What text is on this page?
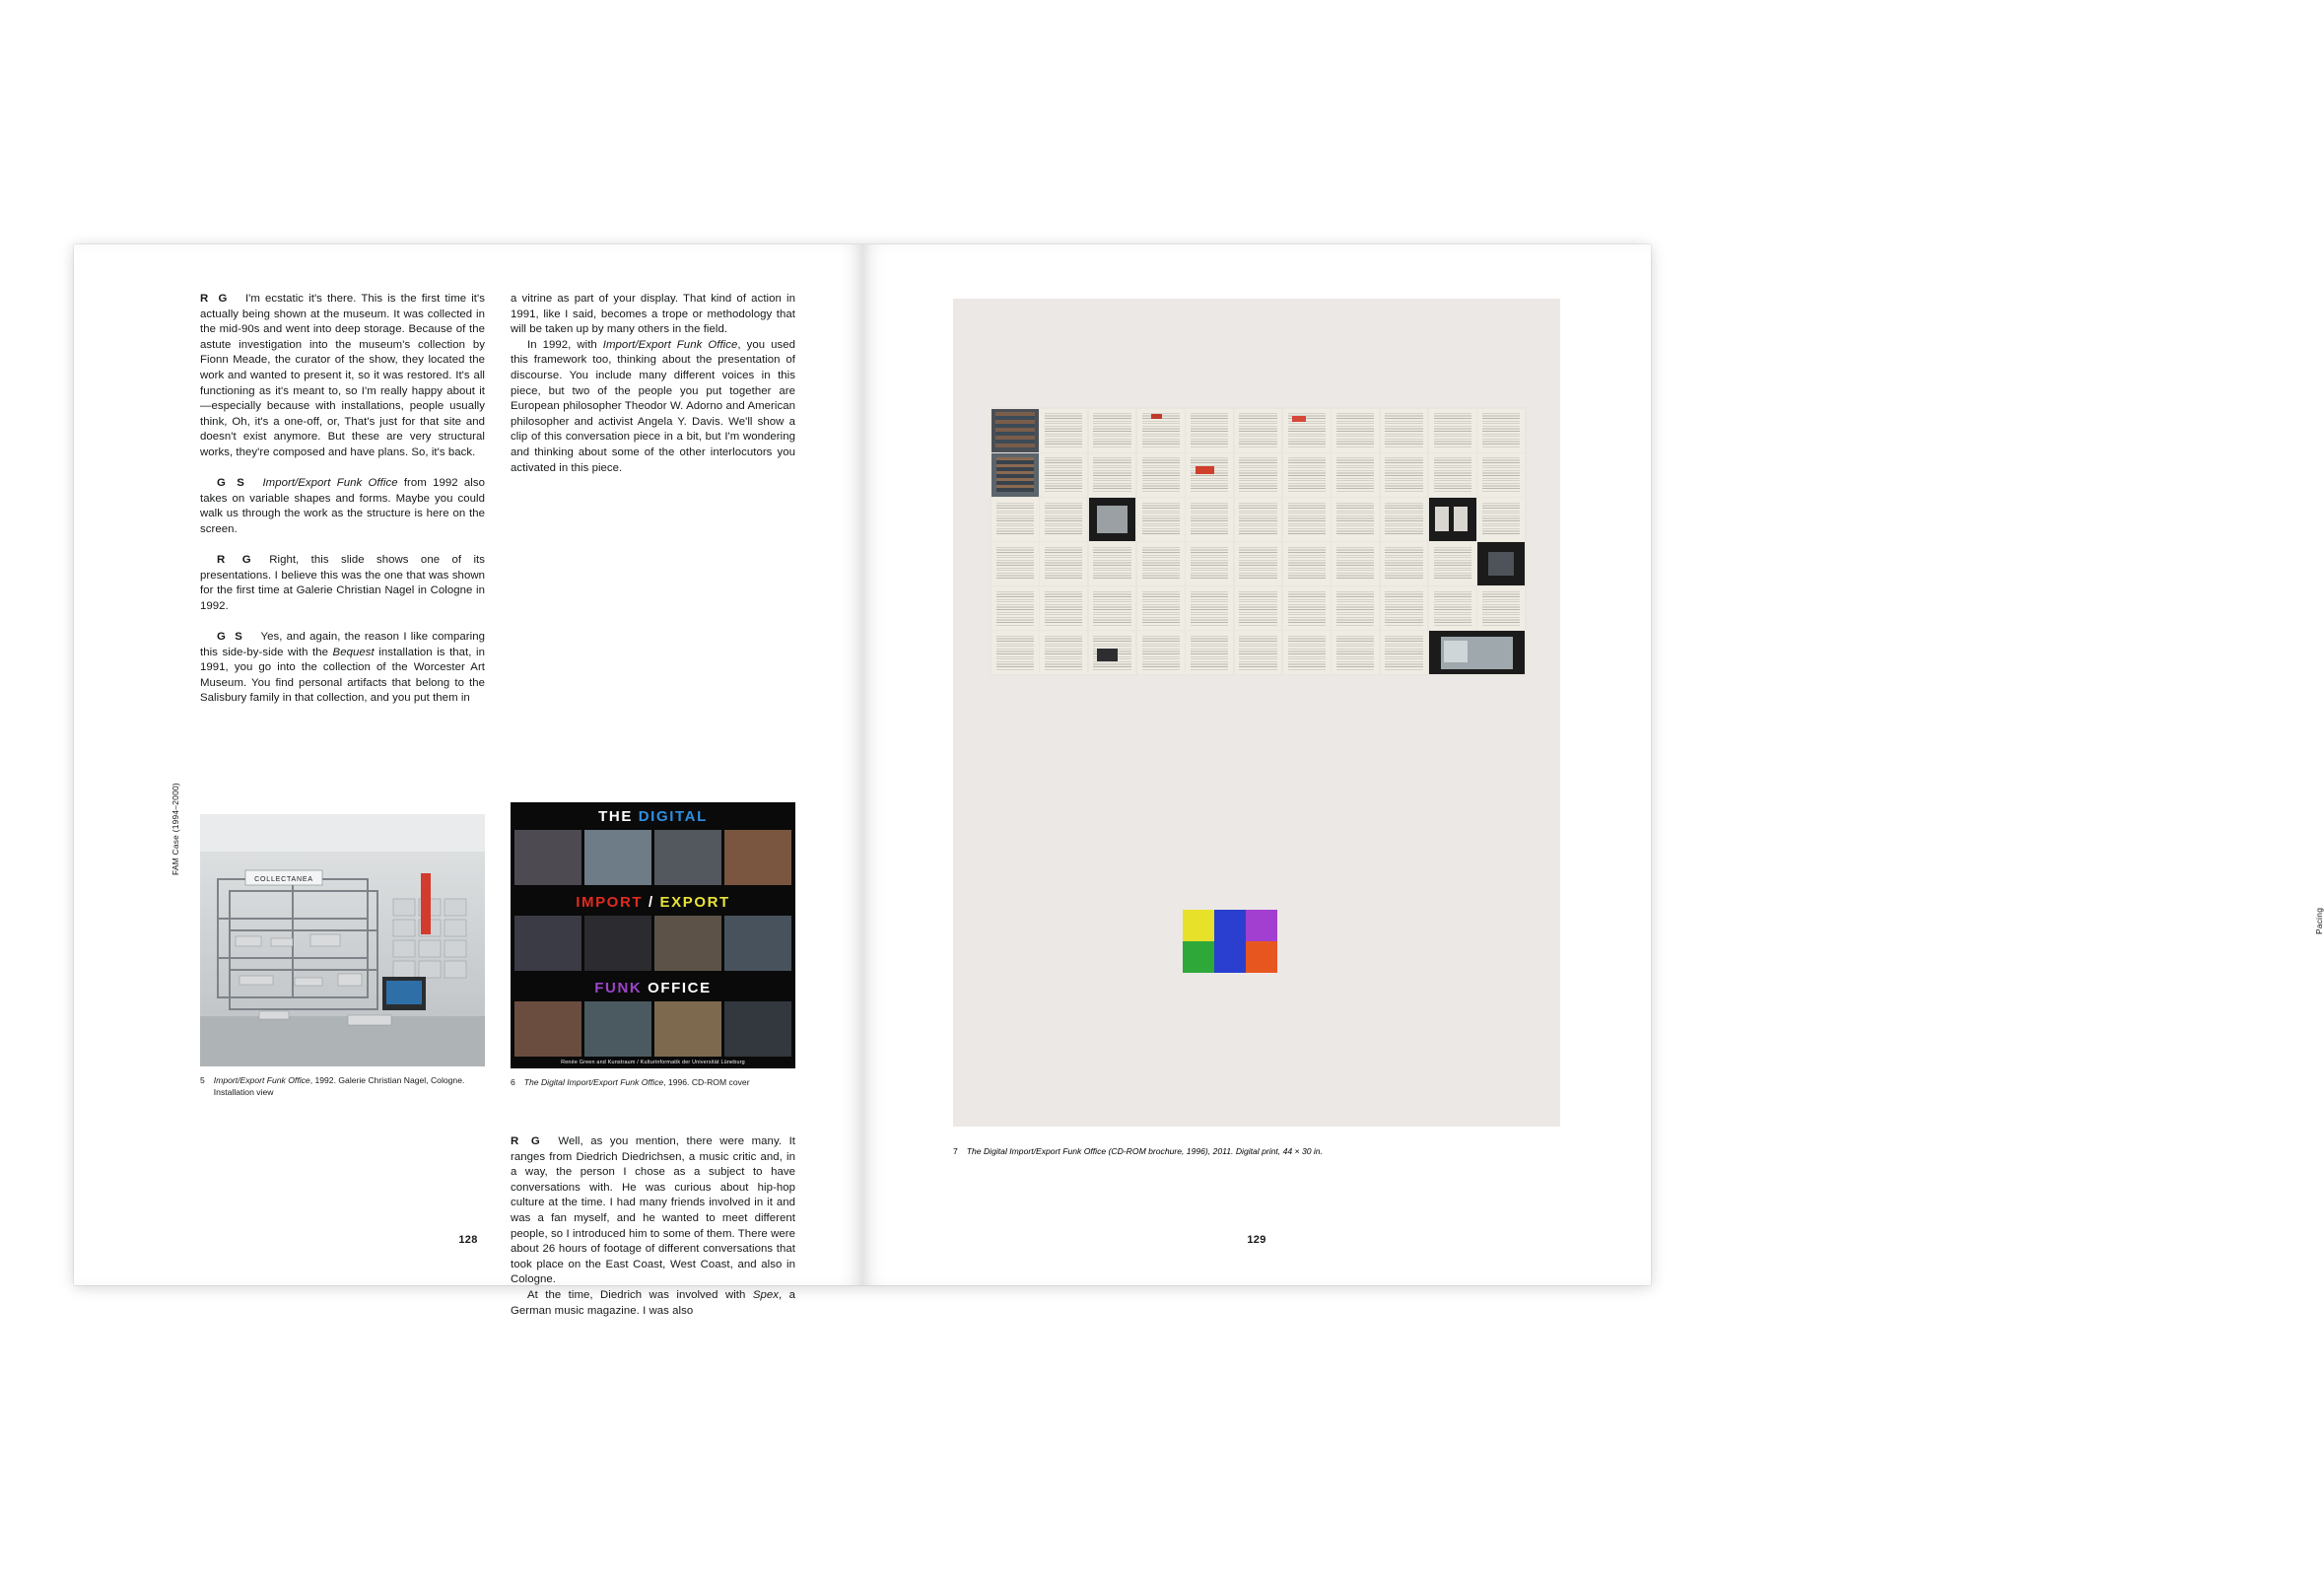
FAM Case (1994–2000)

R G I'm ecstatic it's there. This is the first time it's actually being shown at the museum. It was collected in the mid-90s and went into deep storage. Because of the astute investigation into the museum's collection by Fionn Meade, the curator of the show, they located the work and wanted to present it, so it was restored. It's all functioning as it's meant to, so I'm really happy about it—especially because with installations, people usually think, Oh, it's a one-off, or, That's just for that site and doesn't exist anymore. But these are very structural works, they're composed and have plans. So, it's back.

G S Import/Export Funk Office from 1992 also takes on variable shapes and forms. Maybe you could walk us through the work as the structure is here on the screen.

R G Right, this slide shows one of its presentations. I believe this was the one that was shown for the first time at Galerie Christian Nagel in Cologne in 1992.

G S Yes, and again, the reason I like comparing this side-by-side with the Bequest installation is that, in 1991, you go into the collection of the Worcester Art Museum. You find personal artifacts that belong to the Salisbury family in that collection, and you put them in

a vitrine as part of your display. That kind of action in 1991, like I said, becomes a trope or methodology that will be taken up by many others in the field.

In 1992, with Import/Export Funk Office, you used this framework too, thinking about the presentation of discourse. You include many different voices in this piece, but two of the people you put together are European philosopher Theodor W. Adorno and American philosopher and activist Angela Y. Davis. We'll show a clip of this conversation piece in a bit, but I'm wondering and thinking about some of the other interlocutors you activated in this piece.

THE DIGITAL
IMPORT / EXPORT
FUNK OFFICE
Renée Green and Kunstraum / Kulturinformatik der Universität Lüneburg
6 The Digital Import/Export Funk Office, 1996. CD-ROM cover
COLLECTANEA
5 Import/Export Funk Office, 1992. Galerie Christian Nagel, Cologne. Installation view

R G Well, as you mention, there were many. It ranges from Diedrich Diedrichsen, a music critic and, in a way, the person I chose as a subject to have conversations with. He was curious about hip-hop culture at the time. I had many friends involved in it and was a fan myself, and he wanted to meet different people, so I introduced him to some of them. There were about 26 hours of footage of different conversations that took place on the East Coast, West Coast, and also in Cologne.

At the time, Diedrich was involved with Spex, a German music magazine. I was also

128
Pacing
7 The Digital Import/Export Funk Office (CD-ROM brochure, 1996), 2011. Digital print, 44 × 30 in.
129
